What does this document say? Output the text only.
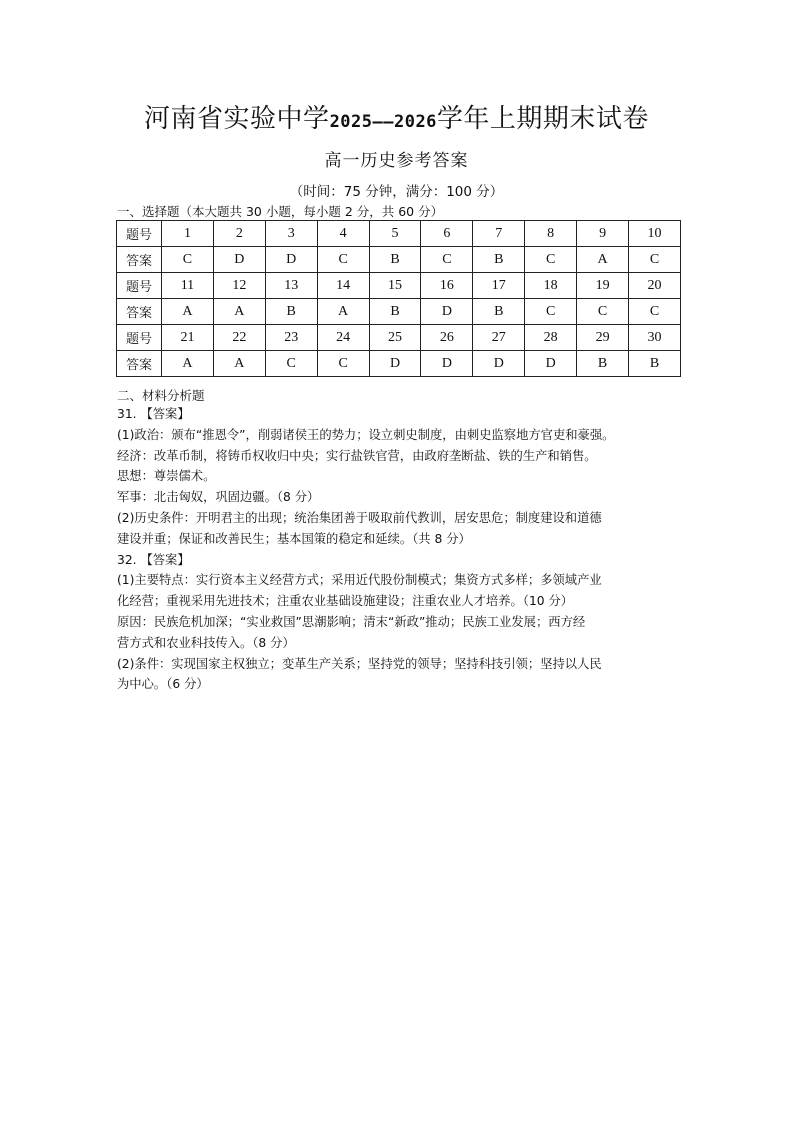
河南省实验中学2025——2026学年上期期末试卷
高一历史参考答案
（时间：75 分钟，满分：100 分）
一、选择题（本大题共 30 小题，每小题 2 分，共 60 分）
题号	1	2	3	4	5	6	7	8	9	10
答案	C	D	D	C	B	C	B	C	A	C
题号	11	12	13	14	15	16	17	18	19	20
答案	A	A	B	A	B	D	B	C	C	C
题号	21	22	23	24	25	26	27	28	29	30
答案	A	A	C	C	D	D	D	D	B	B
二、材料分析题

31. 【答案】

(1)政治：颁布“推恩令”，削弱诸侯王的势力；设立刺史制度，由刺史监察地方官吏和豪强。

经济：改革币制，将铸币权收归中央；实行盐铁官营，由政府垄断盐、铁的生产和销售。

思想：尊崇儒术。

军事：北击匈奴，巩固边疆。（8 分）

(2)历史条件：开明君主的出现；统治集团善于吸取前代教训，居安思危；制度建设和道德

建设并重；保证和改善民生；基本国策的稳定和延续。（共 8 分）

32. 【答案】

(1)主要特点：实行资本主义经营方式；采用近代股份制模式；集资方式多样；多领域产业

化经营；重视采用先进技术；注重农业基础设施建设；注重农业人才培养。（10 分）

原因：民族危机加深；“实业救国”思潮影响；清末“新政”推动；民族工业发展；西方经

营方式和农业科技传入。（8 分）

(2)条件：实现国家主权独立；变革生产关系；坚持党的领导；坚持科技引领；坚持以人民

为中心。（6 分）
